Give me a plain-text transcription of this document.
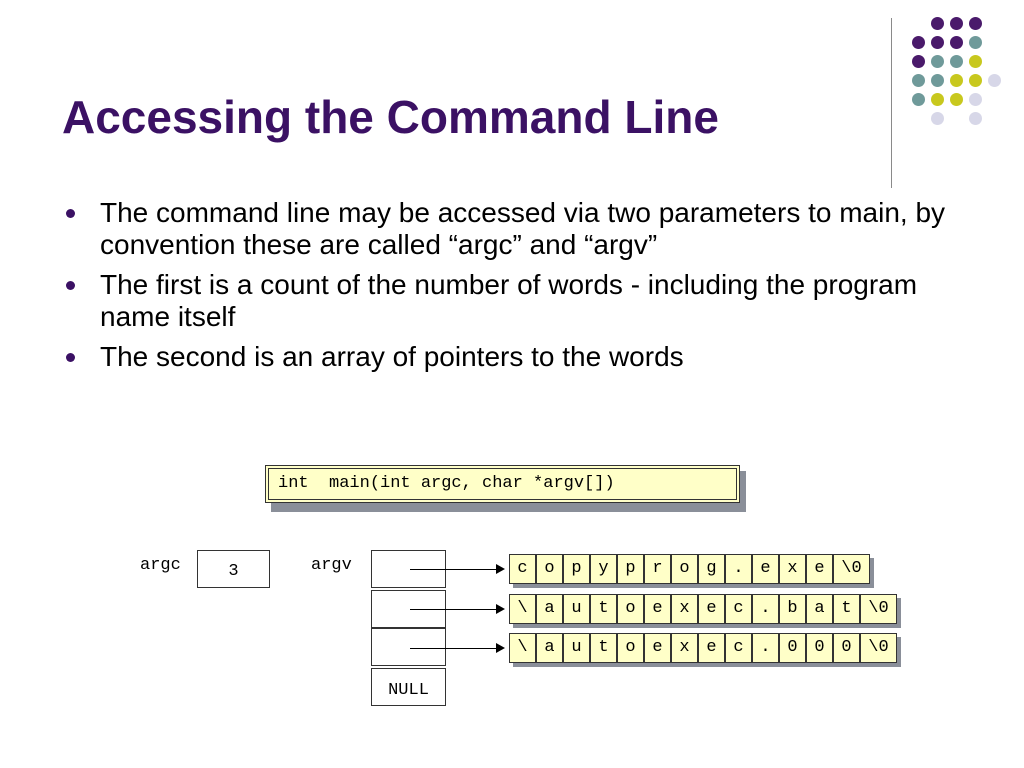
Accessing the Command Line
The command line may be accessed via two parameters to main, by convention these are called “argc” and “argv”
The first is a count of the number of words - including the program name itself
The second is an array of pointers to the words
int  main(int argc, char *argv[])
argc	3	argv
NULL
c o p y p r o g . e x e \0
\ a u t o e x e c . b a t \0
\ a u t o e x e c . 0 0 0 \0
